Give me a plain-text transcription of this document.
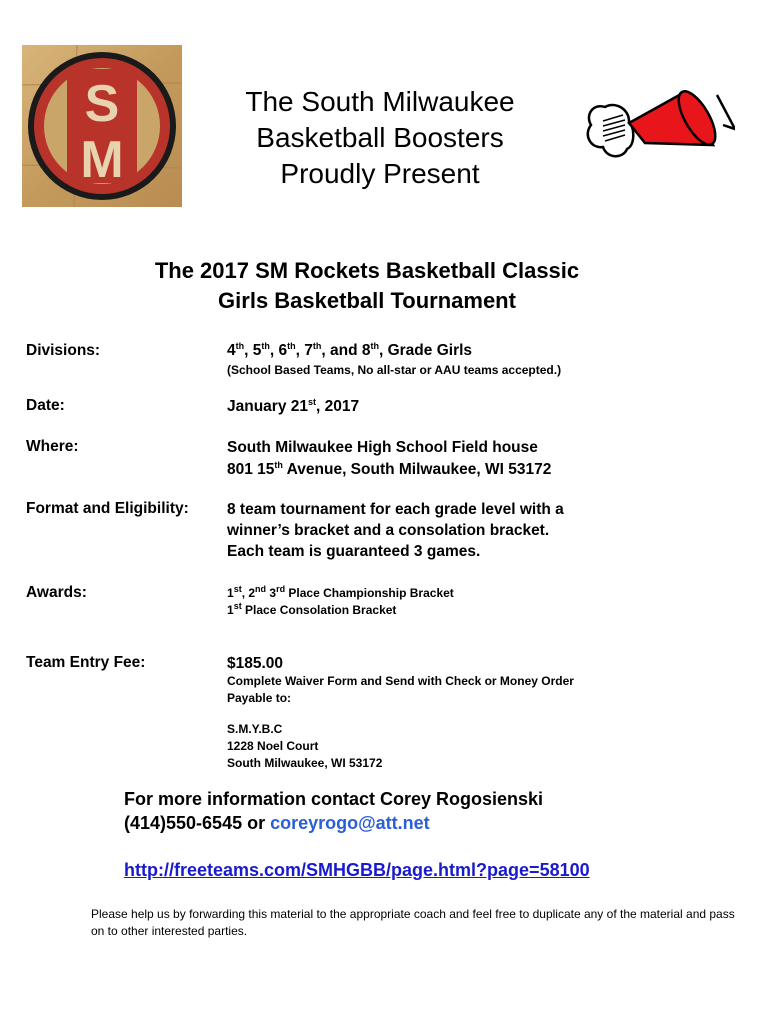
S
M
The South Milwaukee
Basketball Boosters
Proudly Present
The 2017 SM Rockets Basketball Classic
Girls Basketball Tournament
Divisions:	4th, 5th, 6th, 7th, and 8th, Grade Girls
(School Based Teams, No all-star or AAU teams accepted.)
Date:	January 21st, 2017
Where:	South Milwaukee High School Field house
801 15th Avenue, South Milwaukee, WI 53172
Format and Eligibility: 8 team tournament for each grade level with a
winner’s bracket and a consolation bracket.
Each team is guaranteed 3 games.
Awards:	1st, 2nd 3rd Place Championship Bracket
1st Place Consolation Bracket
Team Entry Fee:	$185.00
Complete Waiver Form and Send with Check or Money Order
Payable to:
S.M.Y.B.C
1228 Noel Court
South Milwaukee, WI 53172
For more information contact Corey Rogosienski
(414)550-6545 or coreyrogo@att.net
http://freeteams.com/SMHGBB/page.html?page=58100
Please help us by forwarding this material to the appropriate coach and feel free to duplicate any of the material and pass on to other interested parties.
